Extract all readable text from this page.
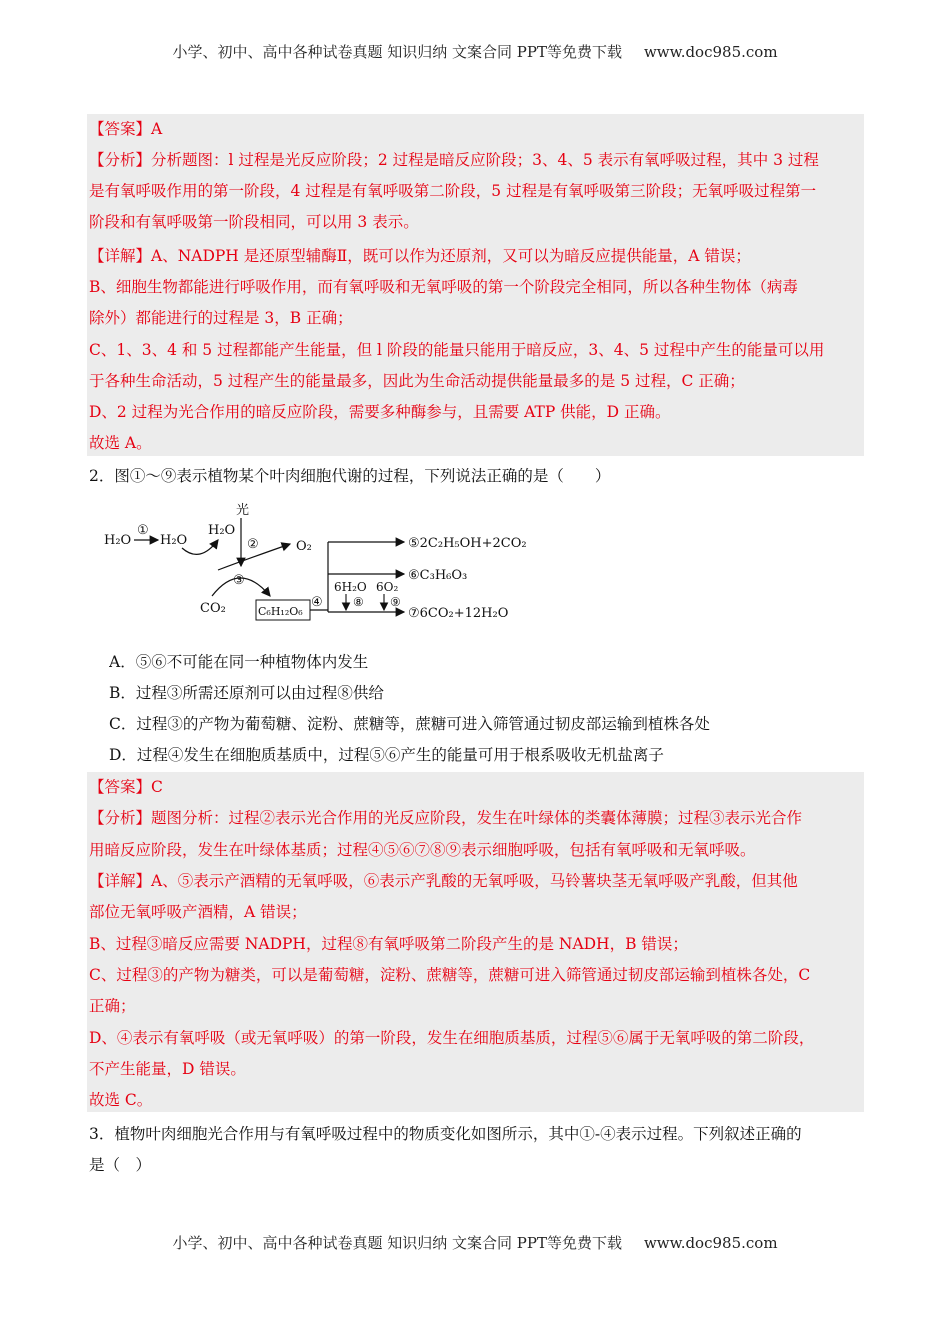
小学、初中、高中各种试卷真题 知识归纳 文案合同 PPT等免费下载 www.doc985.com
【答案】A
【分析】分析题图：l 过程是光反应阶段；2 过程是暗反应阶段；3、4、5 表示有氧呼吸过程，其中 3 过程
是有氧呼吸作用的第一阶段，4 过程是有氧呼吸第二阶段，5 过程是有氧呼吸第三阶段；无氧呼吸过程第一
阶段和有氧呼吸第一阶段相同，可以用 3 表示。
【详解】A、NADPH 是还原型辅酶Ⅱ，既可以作为还原剂，又可以为暗反应提供能量，A 错误；
B、细胞生物都能进行呼吸作用，而有氧呼吸和无氧呼吸的第一个阶段完全相同，所以各种生物体（病毒
除外）都能进行的过程是 3，B 正确；
C、1、3、4 和 5 过程都能产生能量，但 l 阶段的能量只能用于暗反应，3、4、5 过程中产生的能量可以用
于各种生命活动，5 过程产生的能量最多，因此为生命活动提供能量最多的是 5 过程，C 正确；
D、2 过程为光合作用的暗反应阶段，需要多种酶参与，且需要 ATP 供能，D 正确。
故选 A。
2．图①～⑨表示植物某个叶肉细胞代谢的过程，下列说法正确的是（　　）
H₂O
①
H₂O
H₂O
光
②	O₂
③
CO₂	C₆H₁₂O₆
④
⑤2C₂H₅OH+2CO₂
⑥C₃H₆O₃
⑦6CO₂+12H₂O
6H₂O 6O₂
⑧ ⑨
A．⑤⑥不可能在同一种植物体内发生
B．过程③所需还原剂可以由过程⑧供给
C．过程③的产物为葡萄糖、淀粉、蔗糖等，蔗糖可进入筛管通过韧皮部运输到植株各处
D．过程④发生在细胞质基质中，过程⑤⑥产生的能量可用于根系吸收无机盐离子
【答案】C
【分析】题图分析：过程②表示光合作用的光反应阶段，发生在叶绿体的类囊体薄膜；过程③表示光合作
用暗反应阶段，发生在叶绿体基质；过程④⑤⑥⑦⑧⑨表示细胞呼吸，包括有氧呼吸和无氧呼吸。
【详解】A、⑤表示产酒精的无氧呼吸，⑥表示产乳酸的无氧呼吸，马铃薯块茎无氧呼吸产乳酸，但其他
部位无氧呼吸产酒精，A 错误；
B、过程③暗反应需要 NADPH，过程⑧有氧呼吸第二阶段产生的是 NADH，B 错误；
C、过程③的产物为糖类，可以是葡萄糖，淀粉、蔗糖等，蔗糖可进入筛管通过韧皮部运输到植株各处，C
正确；
D、④表示有氧呼吸（或无氧呼吸）的第一阶段，发生在细胞质基质，过程⑤⑥属于无氧呼吸的第二阶段，
不产生能量，D 错误。
故选 C。
3．植物叶肉细胞光合作用与有氧呼吸过程中的物质变化如图所示，其中①-④表示过程。下列叙述正确的
是（　）
小学、初中、高中各种试卷真题 知识归纳 文案合同 PPT等免费下载 www.doc985.com
